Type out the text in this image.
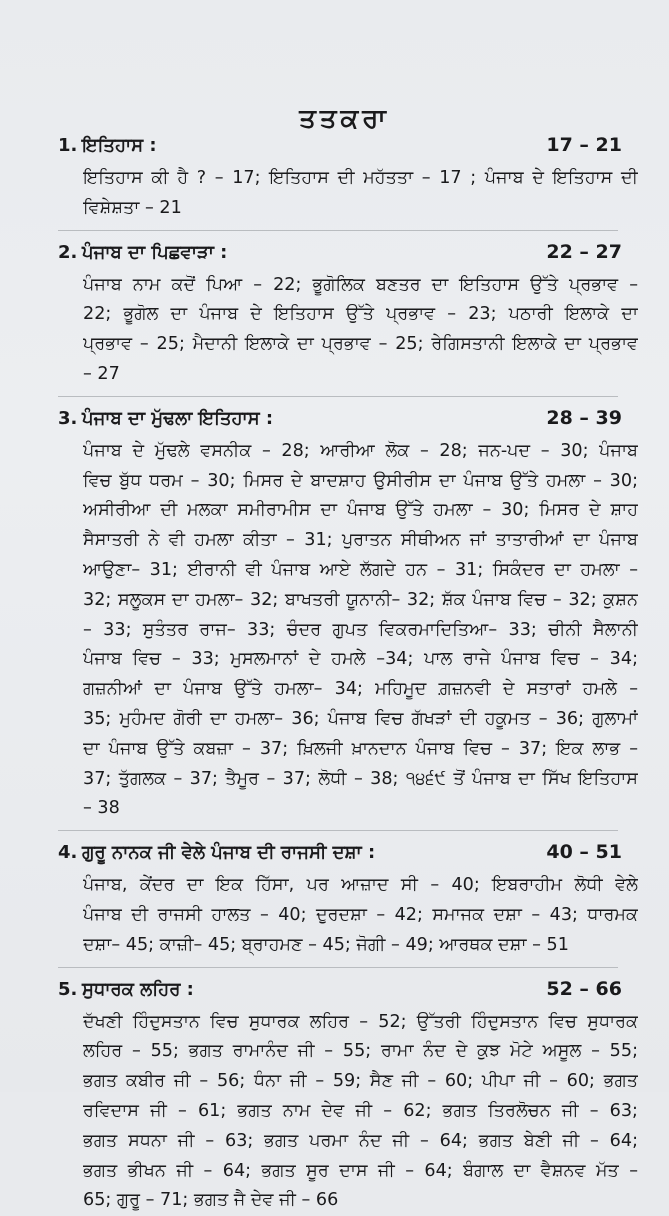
ਤਤਕਰਾ
1. ਇਤਿਹਾਸ :	17 – 21
ਇਤਿਹਾਸ ਕੀ ਹੈ ? – 17; ਇਤਿਹਾਸ ਦੀ ਮਹੱਤਤਾ – 17 ; ਪੰਜਾਬ ਦੇ ਇਤਿਹਾਸ ਦੀ
ਵਿਸ਼ੇਸ਼ਤਾ – 21
2. ਪੰਜਾਬ ਦਾ ਪਿਛਵਾੜਾ :	22 – 27
ਪੰਜਾਬ ਨਾਮ ਕਦੋਂ ਪਿਆ – 22; ਭੂਗੋਲਿਕ ਬਣਤਰ ਦਾ ਇਤਿਹਾਸ ਉੱਤੇ ਪ੍ਰਭਾਵ –
22; ਭੂਗੋਲ ਦਾ ਪੰਜਾਬ ਦੇ ਇਤਿਹਾਸ ਉੱਤੇ ਪ੍ਰਭਾਵ – 23; ਪਠਾਰੀ ਇਲਾਕੇ ਦਾ
ਪ੍ਰਭਾਵ – 25; ਮੈਦਾਨੀ ਇਲਾਕੇ ਦਾ ਪ੍ਰਭਾਵ – 25; ਰੇਗਿਸਤਾਨੀ ਇਲਾਕੇ ਦਾ ਪ੍ਰਭਾਵ
– 27
3. ਪੰਜਾਬ ਦਾ ਮੁੱਢਲਾ ਇਤਿਹਾਸ :	28 – 39
ਪੰਜਾਬ ਦੇ ਮੁੱਢਲੇ ਵਸਨੀਕ – 28; ਆਰੀਆ ਲੋਕ – 28; ਜਨ-ਪਦ – 30; ਪੰਜਾਬ
ਵਿਚ ਬੁੱਧ ਧਰਮ – 30; ਮਿਸਰ ਦੇ ਬਾਦਸ਼ਾਹ ਉਸੀਰੀਸ ਦਾ ਪੰਜਾਬ ਉੱਤੇ ਹਮਲਾ – 30;
ਅਸੀਰੀਆ ਦੀ ਮਲਕਾ ਸਮੀਰਾਮੀਸ ਦਾ ਪੰਜਾਬ ਉੱਤੇ ਹਮਲਾ – 30; ਮਿਸਰ ਦੇ ਸ਼ਾਹ
ਸੈਸਾਤਰੀ ਨੇ ਵੀ ਹਮਲਾ ਕੀਤਾ – 31; ਪੁਰਾਤਨ ਸੀਥੀਅਨ ਜਾਂ ਤਾਤਾਰੀਆਂ ਦਾ ਪੰਜਾਬ
ਆਉਣਾ– 31; ਈਰਾਨੀ ਵੀ ਪੰਜਾਬ ਆਏ ਲੱਗਦੇ ਹਨ – 31; ਸਿਕੰਦਰ ਦਾ ਹਮਲਾ –
32; ਸਲੂਕਸ ਦਾ ਹਮਲਾ– 32; ਬਾਖਤਰੀ ਯੂਨਾਨੀ– 32; ਸ਼ੱਕ ਪੰਜਾਬ ਵਿਚ – 32; ਕੁਸ਼ਨ
– 33; ਸੁਤੰਤਰ ਰਾਜ– 33; ਚੰਦਰ ਗੁਪਤ ਵਿਕਰਮਾਦਿਤਿਆ– 33; ਚੀਨੀ ਸੈਲਾਨੀ
ਪੰਜਾਬ ਵਿਚ – 33; ਮੁਸਲਮਾਨਾਂ ਦੇ ਹਮਲੇ –34; ਪਾਲ ਰਾਜੇ ਪੰਜਾਬ ਵਿਚ – 34;
ਗਜ਼ਨੀਆਂ ਦਾ ਪੰਜਾਬ ਉੱਤੇ ਹਮਲਾ– 34; ਮਹਿਮੂਦ ਗ਼ਜ਼ਨਵੀ ਦੇ ਸਤਾਰਾਂ ਹਮਲੇ –
35; ਮੁਹੰਮਦ ਗੋਰੀ ਦਾ ਹਮਲਾ– 36; ਪੰਜਾਬ ਵਿਚ ਗੱਖੜਾਂ ਦੀ ਹਕੂਮਤ – 36; ਗੁਲਾਮਾਂ
ਦਾ ਪੰਜਾਬ ਉੱਤੇ ਕਬਜ਼ਾ – 37; ਖ਼ਿਲਜੀ ਖ਼ਾਨਦਾਨ ਪੰਜਾਬ ਵਿਚ – 37; ਇਕ ਲਾਭ –
37; ਤੁੱਗਲਕ – 37; ਤੈਮੂਰ – 37; ਲੋਧੀ – 38; ੧੪੬੯ ਤੋਂ ਪੰਜਾਬ ਦਾ ਸਿੱਖ ਇਤਿਹਾਸ
– 38
4. ਗੁਰੂ ਨਾਨਕ ਜੀ ਵੇਲੇ ਪੰਜਾਬ ਦੀ ਰਾਜਸੀ ਦਸ਼ਾ :	40 – 51
ਪੰਜਾਬ, ਕੇਂਦਰ ਦਾ ਇਕ ਹਿੱਸਾ, ਪਰ ਆਜ਼ਾਦ ਸੀ – 40; ਇਬਰਾਹੀਮ ਲੋਧੀ ਵੇਲੇ
ਪੰਜਾਬ ਦੀ ਰਾਜਸੀ ਹਾਲਤ – 40; ਦੁਰਦਸ਼ਾ – 42; ਸਮਾਜਕ ਦਸ਼ਾ – 43; ਧਾਰਮਕ
ਦਸ਼ਾ– 45; ਕਾਜ਼ੀ– 45; ਬ੍ਰਾਹਮਣ – 45; ਜੋਗੀ – 49; ਆਰਥਕ ਦਸ਼ਾ – 51
5. ਸੁਧਾਰਕ ਲਹਿਰ :	52 – 66
ਦੱਖਣੀ ਹਿੰਦੁਸਤਾਨ ਵਿਚ ਸੁਧਾਰਕ ਲਹਿਰ – 52; ਉੱਤਰੀ ਹਿੰਦੁਸਤਾਨ ਵਿਚ ਸੁਧਾਰਕ
ਲਹਿਰ – 55; ਭਗਤ ਰਾਮਾਨੰਦ ਜੀ – 55; ਰਾਮਾ ਨੰਦ ਦੇ ਕੁਝ ਮੋਟੇ ਅਸੂਲ – 55;
ਭਗਤ ਕਬੀਰ ਜੀ – 56; ਧੰਨਾ ਜੀ – 59; ਸੈਣ ਜੀ – 60; ਪੀਪਾ ਜੀ – 60; ਭਗਤ
ਰਵਿਦਾਸ ਜੀ – 61; ਭਗਤ ਨਾਮ ਦੇਵ ਜੀ – 62; ਭਗਤ ਤਿਰਲੋਚਨ ਜੀ – 63;
ਭਗਤ ਸਧਨਾ ਜੀ – 63; ਭਗਤ ਪਰਮਾ ਨੰਦ ਜੀ – 64; ਭਗਤ ਬੇਣੀ ਜੀ – 64;
ਭਗਤ ਭੀਖਨ ਜੀ – 64; ਭਗਤ ਸੂਰ ਦਾਸ ਜੀ – 64; ਬੰਗਾਲ ਦਾ ਵੈਸ਼ਨਵ ਮੱਤ –
65; ਗੁਰੂ – 71; ਭਗਤ ਜੈ ਦੇਵ ਜੀ – 66
